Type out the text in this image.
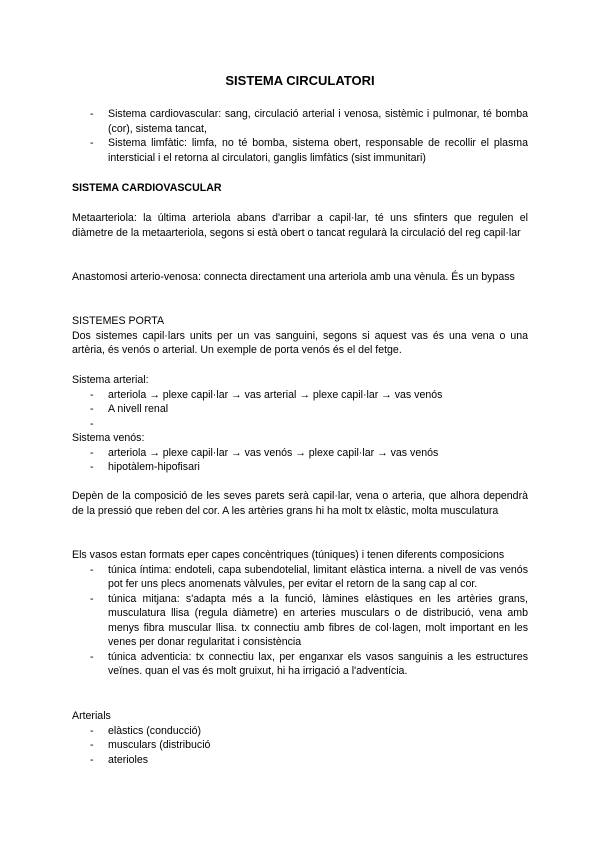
SISTEMA CIRCULATORI
- Sistema cardiovascular: sang, circulació arterial i venosa, sistèmic i pulmonar, té bomba (cor), sistema tancat,
- Sistema limfàtic: limfa, no té bomba, sistema obert, responsable de recollir el plasma intersticial i el retorna al circulatori, ganglis limfàtics (sist immunitari)
SISTEMA CARDIOVASCULAR

Metaarteriola: la última arteriola abans d'arribar a capil·lar, té uns sfinters que regulen el diàmetre de la metaarteriola, segons si està obert o tancat regularà la circulació del reg capil·lar

Anastomosi arterio-venosa: connecta directament una arteriola amb una vènula. És un bypass

SISTEMES PORTA

Dos sistemes capil·lars units per un vas sanguini, segons si aquest vas és una vena o una artèria, és venós o arterial. Un exemple de porta venós és el del fetge.

Sistema arterial:

- arteriola → plexe capil·lar → vas arterial → plexe capil·lar → vas venós
- A nivell renal
-

Sistema venós:

- arteriola → plexe capil·lar → vas venós → plexe capil·lar → vas venós
- hipotàlem-hipofisari

Depèn de la composició de les seves parets serà capil·lar, vena o arteria, que alhora dependrà de la pressió que reben del cor. A les artèries grans hi ha molt tx elàstic, molta musculatura

Els vasos estan formats eper capes concèntriques (túniques) i tenen diferents composicions

- túnica íntima: endoteli, capa subendotelial, limitant elàstica interna. a nivell de vas venós pot fer uns plecs anomenats vàlvules, per evitar el retorn de la sang cap al cor.
- túnica mitjana: s'adapta més a la funció, làmines elàstiques en les artèries grans, musculatura llisa (regula diàmetre) en arteries musculars o de distribució, vena amb menys fibra muscular llisa. tx connectiu amb fibres de col·lagen, molt important en les venes per donar regularitat i consistència
- túnica adventicia: tx connectiu lax, per enganxar els vasos sanguinis a les estructures veïnes. quan el vas és molt gruixut, hi ha irrigació a l'adventícia.

Arterials

- elàstics (conducció)
- musculars (distribució
- aterioles
